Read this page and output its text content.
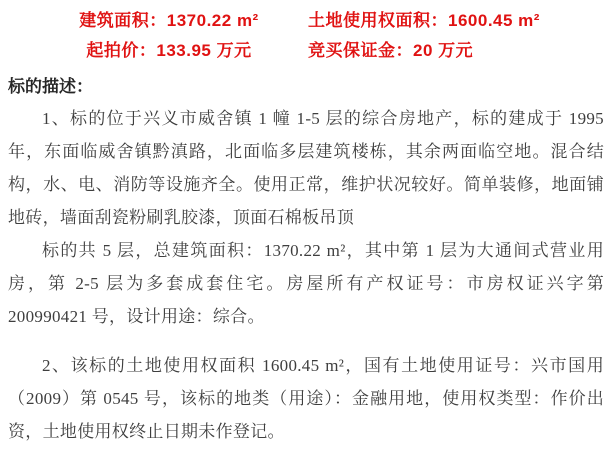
建筑面积：1370.22 m²	土地使用权面积：1600.45 m²
起拍价：133.95 万元	竞买保证金：20 万元
标的描述：

1、标的位于兴义市威舍镇 1 幢 1-5 层的综合房地产，标的建成于 1995 年，东面临威舍镇黔滇路，北面临多层建筑楼栋，其余两面临空地。混合结构，水、电、消防等设施齐全。使用正常，维护状况较好。简单装修，地面铺地砖，墙面刮瓷粉刷乳胶漆，顶面石棉板吊顶

标的共 5 层，总建筑面积：1370.22 m²，其中第 1 层为大通间式营业用房，第 2-5 层为多套成套住宅。房屋所有产权证号：市房权证兴字第 200990421 号，设计用途：综合。

2、该标的土地使用权面积 1600.45 m²，国有土地使用证号：兴市国用（2009）第 0545 号，该标的地类（用途）：金融用地，使用权类型：作价出资，土地使用权终止日期未作登记。
